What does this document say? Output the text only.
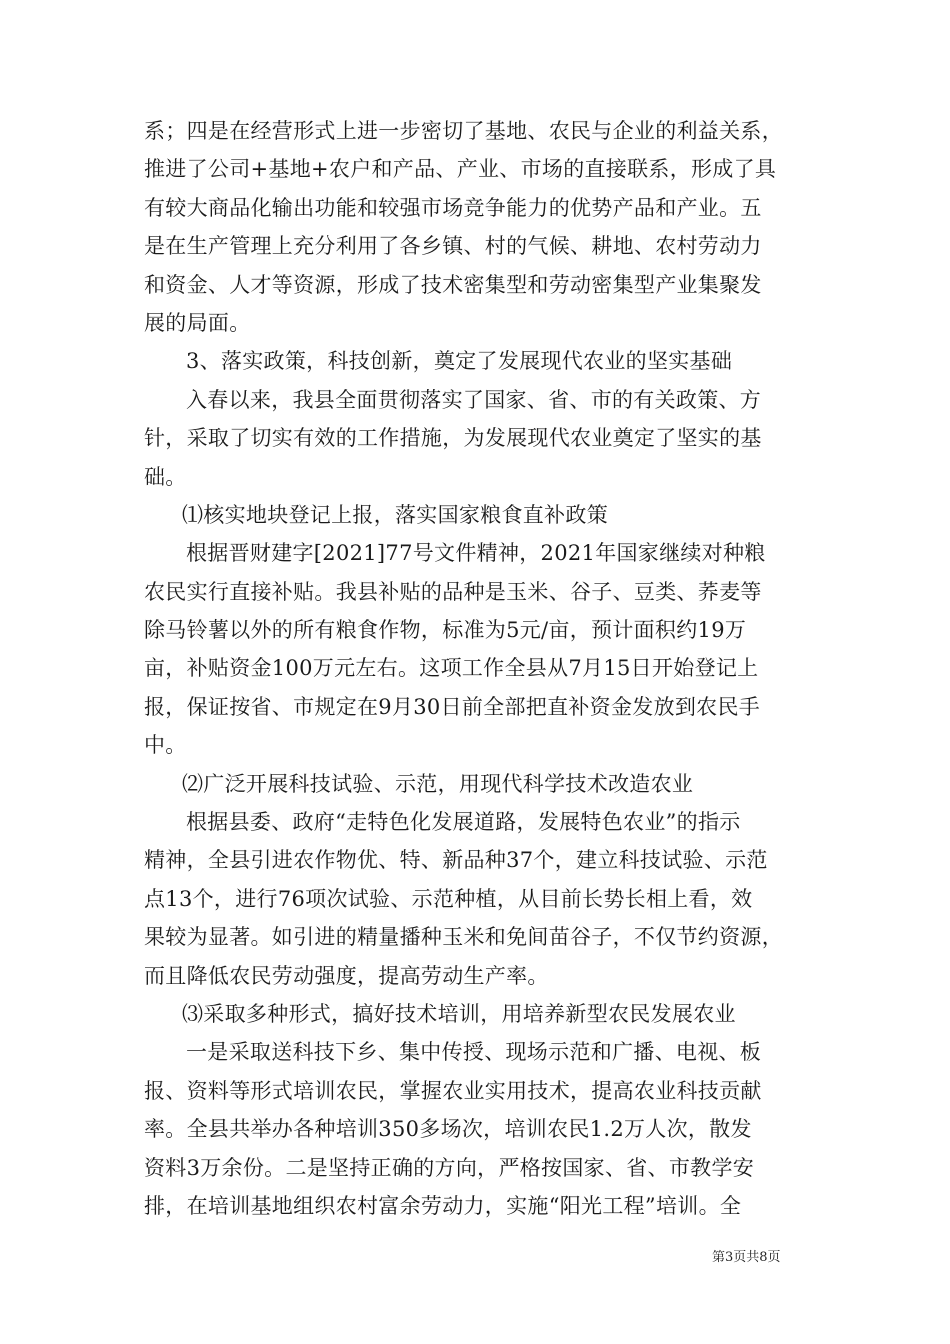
系；四是在经营形式上进一步密切了基地、农民与企业的利益关系，
推进了公司+基地+农户和产品、产业、市场的直接联系，形成了具
有较大商品化输出功能和较强市场竞争能力的优势产品和产业。五
是在生产管理上充分利用了各乡镇、村的气候、耕地、农村劳动力
和资金、人才等资源，形成了技术密集型和劳动密集型产业集聚发
展的局面。
3、落实政策，科技创新，奠定了发展现代农业的坚实基础
入春以来，我县全面贯彻落实了国家、省、市的有关政策、方
针，采取了切实有效的工作措施，为发展现代农业奠定了坚实的基
础。
⑴核实地块登记上报，落实国家粮食直补政策
根据晋财建字[2021]77号文件精神，2021年国家继续对种粮
农民实行直接补贴。我县补贴的品种是玉米、谷子、豆类、荞麦等
除马铃薯以外的所有粮食作物，标准为5元/亩，预计面积约19万
亩，补贴资金100万元左右。这项工作全县从7月15日开始登记上
报，保证按省、市规定在9月30日前全部把直补资金发放到农民手
中。
⑵广泛开展科技试验、示范，用现代科学技术改造农业
根据县委、政府“走特色化发展道路，发展特色农业”的指示
精神，全县引进农作物优、特、新品种37个，建立科技试验、示范
点13个，进行76项次试验、示范种植，从目前长势长相上看，效
果较为显著。如引进的精量播种玉米和免间苗谷子，不仅节约资源，
而且降低农民劳动强度，提高劳动生产率。
⑶采取多种形式，搞好技术培训，用培养新型农民发展农业
一是采取送科技下乡、集中传授、现场示范和广播、电视、板
报、资料等形式培训农民，掌握农业实用技术，提高农业科技贡献
率。全县共举办各种培训350多场次，培训农民1.2万人次，散发
资料3万余份。二是坚持正确的方向，严格按国家、省、市教学安
排，在培训基地组织农村富余劳动力，实施“阳光工程”培训。全
第3页共8页
